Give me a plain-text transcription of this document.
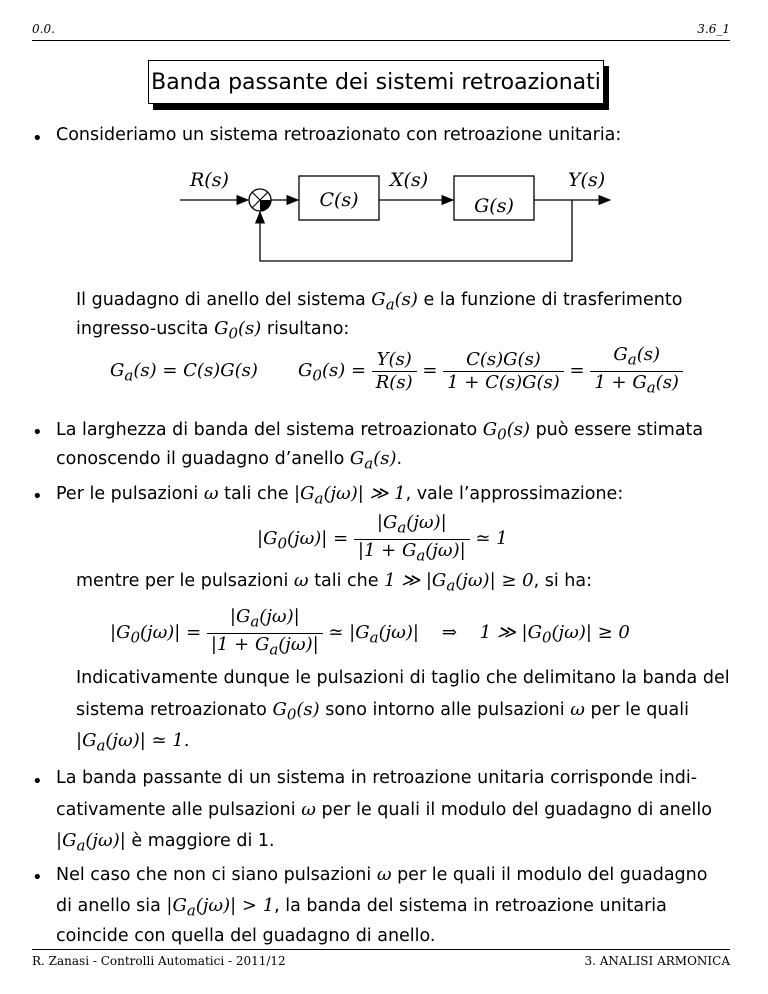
0.0.	3.6_1
Banda passante dei sistemi retroazionati
• Consideriamo un sistema retroazionato con retroazione unitaria:
R(s)
C(s)
X(s)
G(s)
Y(s)
Il guadagno di anello del sistema $G_a(s)$ e la funzione di trasferimento
ingresso-uscita $G_0(s)$ risultano:
$G_a(s) = C(s)G(s) G_0(s) = \frac{Y(s)}{R(s)} = \frac{C(s)G(s)}{1 + C(s)G(s)} = \frac{G_a(s)}{1 + G_a(s)}$
• La larghezza di banda del sistema retroazionato $G_0(s)$ può essere stimata
conoscendo il guadagno d’anello $G_a(s)$.
• Per le pulsazioni ω tali che $|G_a(j\omega)|$ ≫ 1, vale l’approssimazione:
$|G_0(j\omega)| = \frac{|G_a(j\omega)|}{|1 + G_a(j\omega)|}$ ≃ 1
mentre per le pulsazioni ω tali che 1 ≫ $|G_a(j\omega)| \ge 0$, si ha:
$|G_0(j\omega)| = \frac{|G_a(j\omega)|}{|1 + G_a(j\omega)|}$ ≃ $|G_a(j\omega)|$    ⇒    1 ≫ $|G_0(j\omega)| \ge 0$
Indicativamente dunque le pulsazioni di taglio che delimitano la banda del
sistema retroazionato $G_0(s)$ sono intorno alle pulsazioni ω per le quali
$|G_a(j\omega)|$ ≃ 1.
• La banda passante di un sistema in retroazione unitaria corrisponde indi-
cativamente alle pulsazioni ω per le quali il modulo del guadagno di anello
$|G_a(j\omega)|$ è maggiore di 1.
• Nel caso che non ci siano pulsazioni ω per le quali il modulo del guadagno
di anello sia $|G_a(j\omega)| > 1$, la banda del sistema in retroazione unitaria
coincide con quella del guadagno di anello.
R. Zanasi - Controlli Automatici - 2011/12	3. ANALISI ARMONICA
